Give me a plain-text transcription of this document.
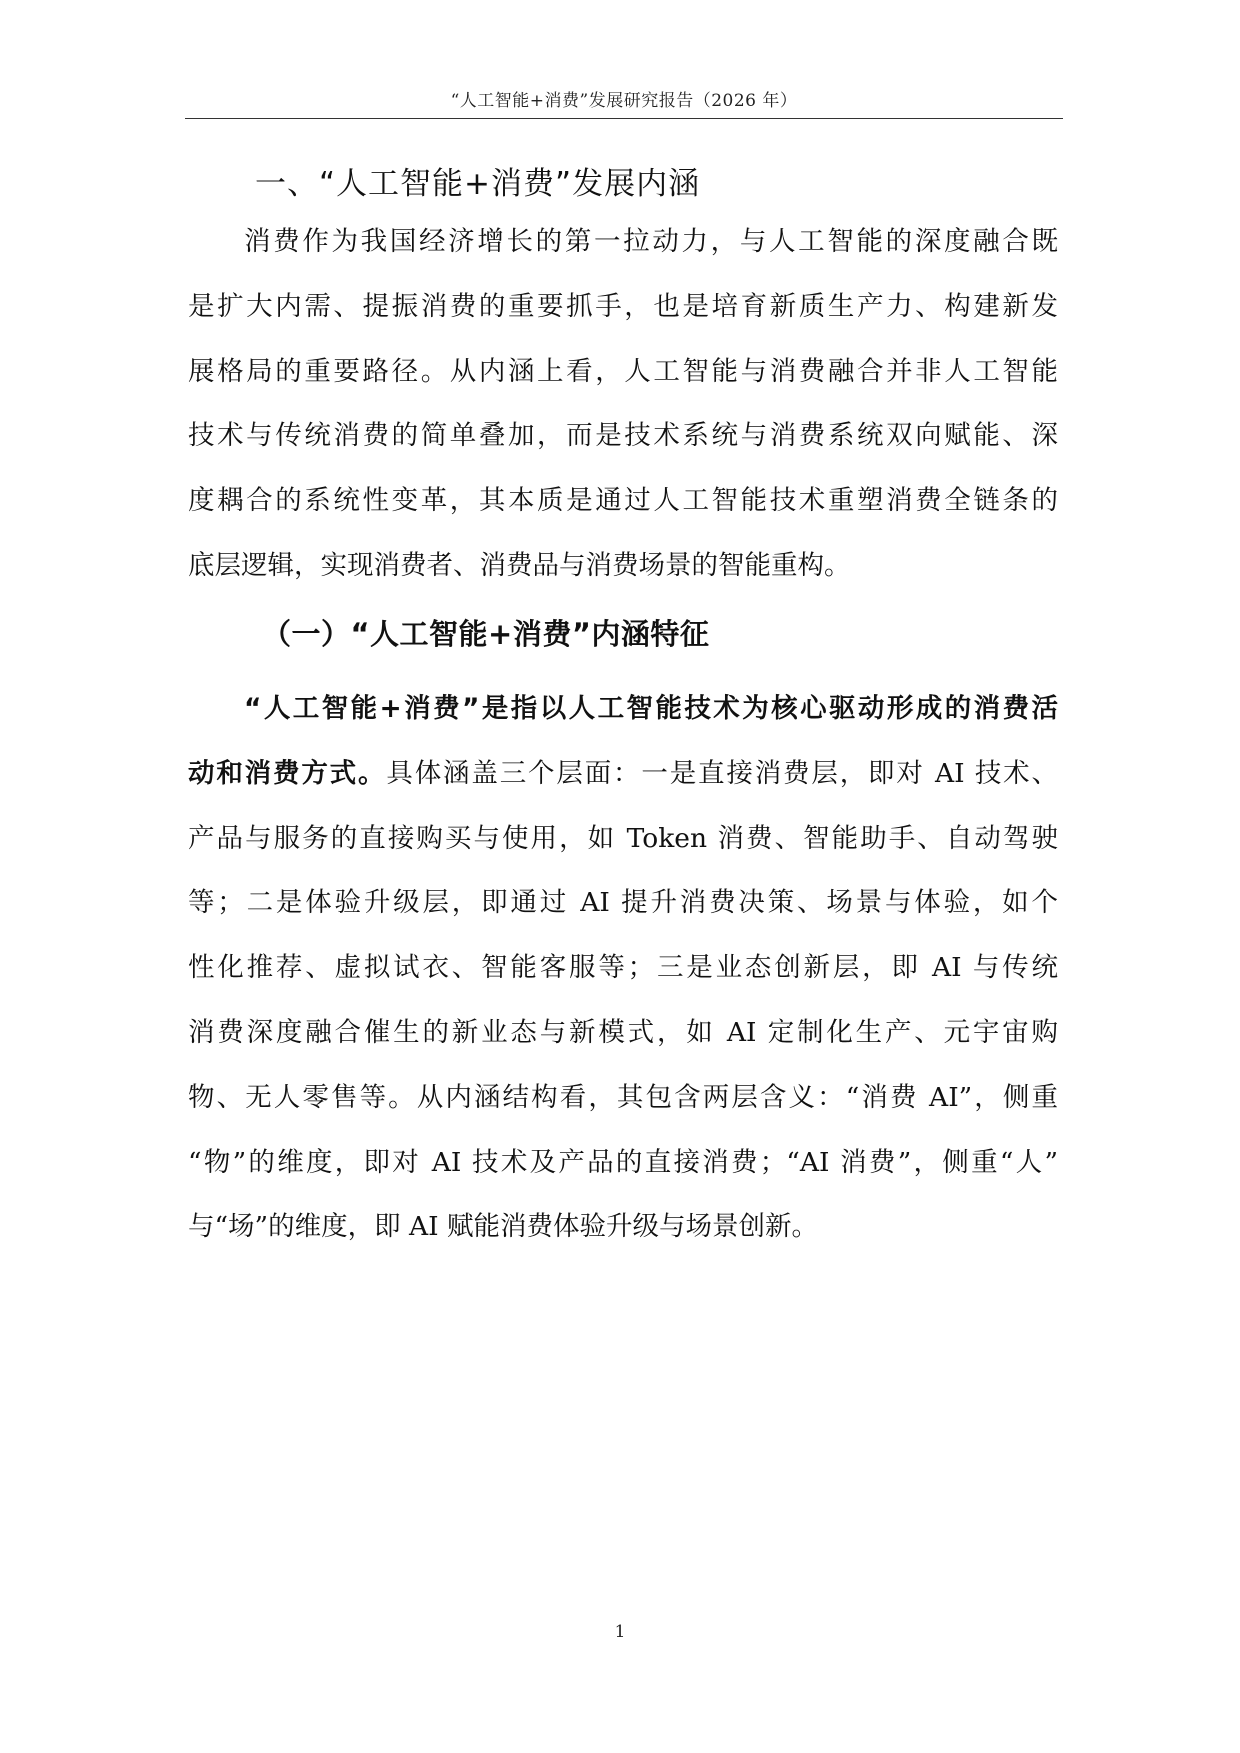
“人工智能+消费”发展研究报告（2026 年）
一、“人工智能+消费”发展内涵
消费作为我国经济增长的第一拉动力，与人工智能的深度融合既
是扩大内需、提振消费的重要抓手，也是培育新质生产力、构建新发
展格局的重要路径。从内涵上看，人工智能与消费融合并非人工智能
技术与传统消费的简单叠加，而是技术系统与消费系统双向赋能、深
度耦合的系统性变革，其本质是通过人工智能技术重塑消费全链条的
底层逻辑，实现消费者、消费品与消费场景的智能重构。
（一）“人工智能+消费”内涵特征
“人工智能+消费”是指以人工智能技术为核心驱动形成的消费活
动和消费方式。具体涵盖三个层面：一是直接消费层，即对 AI 技术、
产品与服务的直接购买与使用，如 Token 消费、智能助手、自动驾驶
等；二是体验升级层，即通过 AI 提升消费决策、场景与体验，如个
性化推荐、虚拟试衣、智能客服等；三是业态创新层，即 AI 与传统
消费深度融合催生的新业态与新模式，如 AI 定制化生产、元宇宙购
物、无人零售等。从内涵结构看，其包含两层含义：“消费 AI”，侧重
“物”的维度，即对 AI 技术及产品的直接消费；“AI 消费”，侧重“人”
与“场”的维度，即 AI 赋能消费体验升级与场景创新。
1
